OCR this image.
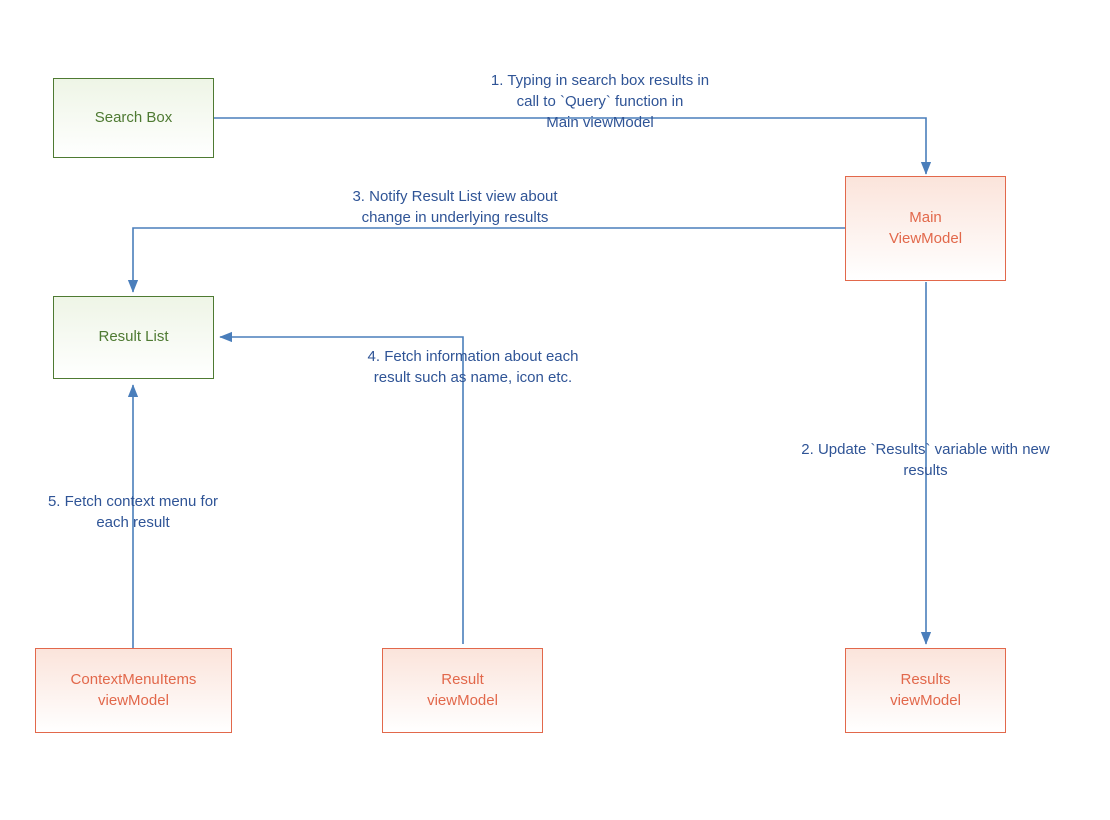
Search Box
Main
ViewModel
Result List
ContextMenuItems
viewModel
Result
viewModel
Results
viewModel
1. Typing in search box results in
call to `Query` function in
Main viewModel
2. Update `Results` variable with new
results
3. Notify Result List view about
change in underlying results
4. Fetch information about each
result such as name, icon etc.
5. Fetch context menu for
each result
